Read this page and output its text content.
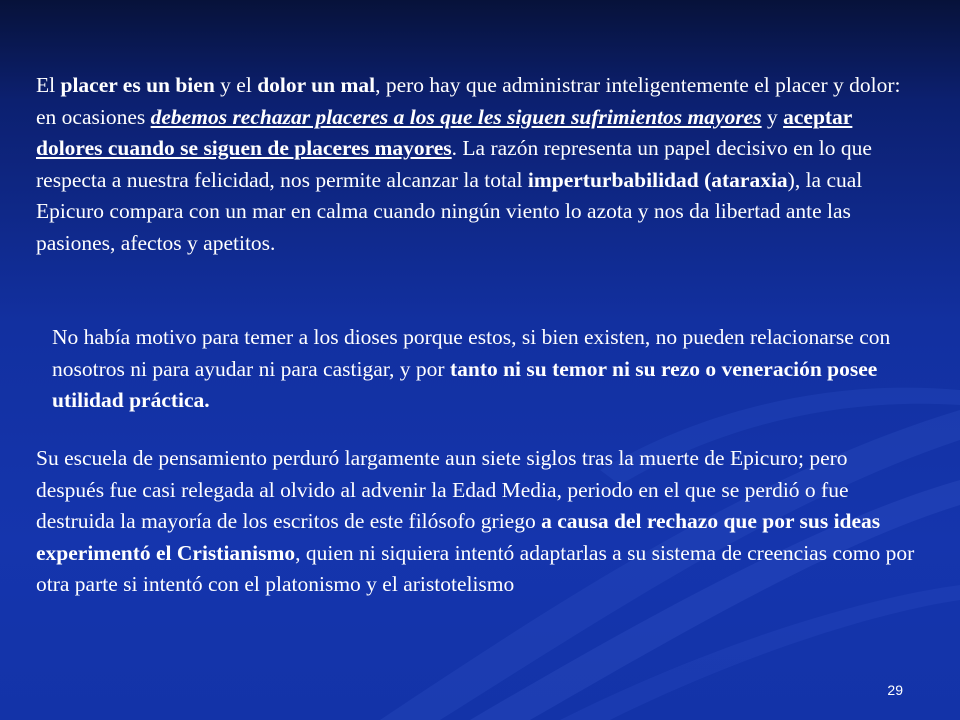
El placer es un bien y el dolor un mal, pero hay que administrar inteligentemente el placer y dolor: en ocasiones debemos rechazar placeres a los que les siguen sufrimientos mayores y aceptar dolores cuando se siguen de placeres mayores. La razón representa un papel decisivo en lo que respecta a nuestra felicidad, nos permite alcanzar la total imperturbabilidad (ataraxia), la cual Epicuro compara con un mar en calma cuando ningún viento lo azota y nos da libertad ante las pasiones, afectos y apetitos.
No había motivo para temer a los dioses porque estos, si bien existen, no pueden relacionarse con nosotros ni para ayudar ni para castigar, y por tanto ni su temor ni su rezo o veneración posee utilidad práctica.
Su escuela de pensamiento perduró largamente aun siete siglos tras la muerte de Epicuro; pero después fue casi relegada al olvido al advenir la Edad Media, periodo en el que se perdió o fue destruida la mayoría de los escritos de este filósofo griego a causa del rechazo que por sus ideas experimentó el Cristianismo, quien ni siquiera intentó adaptarlas a su sistema de creencias como por otra parte si intentó con el platonismo y el aristotelismo
29
